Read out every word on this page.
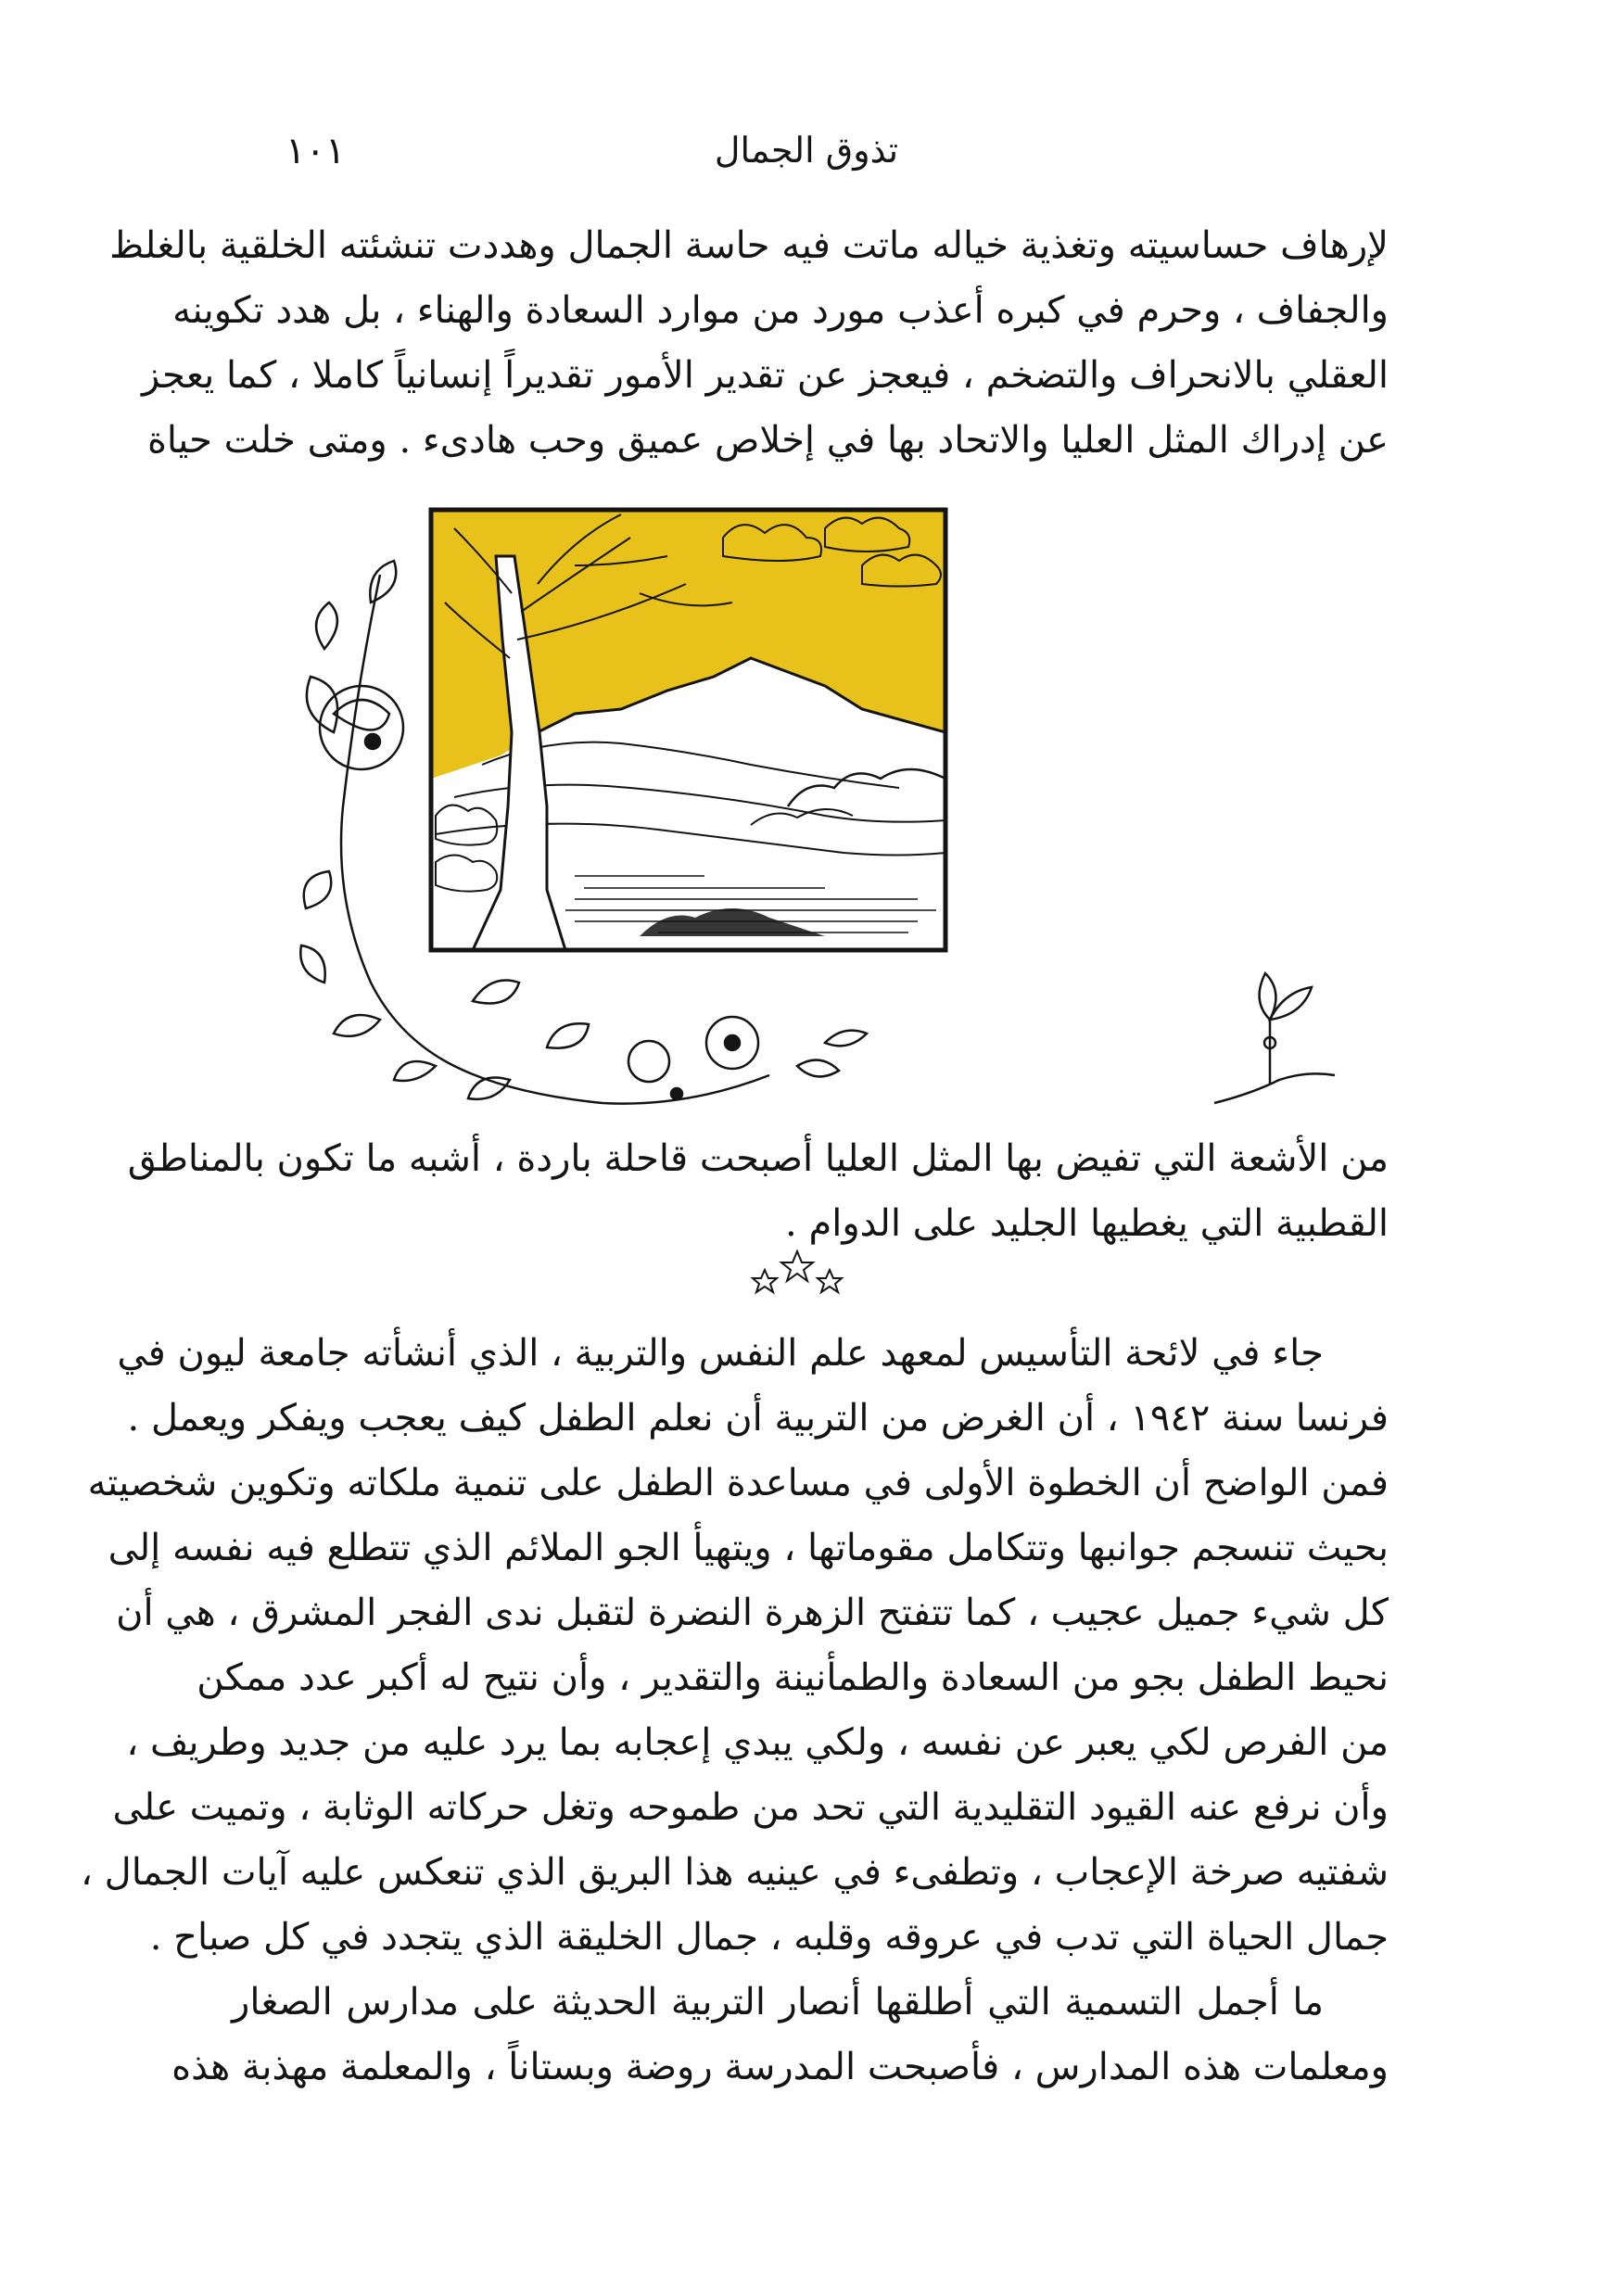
١٠١	تذوق الجمال
لإرهاف حساسيته وتغذية خياله ماتت فيه حاسة الجمال وهددت تنشئته الخلقية بالغلظ
والجفاف ، وحرم في كبره أعذب مورد من موارد السعادة والهناء ، بل هدد تكوينه
العقلي بالانحراف والتضخم ، فيعجز عن تقدير الأمور تقديراً إنسانياً كاملا ، كما يعجز
عن إدراك المثل العليا والاتحاد بها في إخلاص عميق وحب هادىء . ومتى خلت حياة
من الأشعة التي تفيض بها المثل العليا أصبحت قاحلة باردة ، أشبه ما تكون بالمناطق
القطبية التي يغطيها الجليد على الدوام .
جاء في لائحة التأسيس لمعهد علم النفس والتربية ، الذي أنشأته جامعة ليون في
فرنسا سنة ١٩٤٢ ، أن الغرض من التربية أن نعلم الطفل كيف يعجب ويفكر ويعمل .
فمن الواضح أن الخطوة الأولى في مساعدة الطفل على تنمية ملكاته وتكوين شخصيته
بحيث تنسجم جوانبها وتتكامل مقوماتها ، ويتهيأ الجو الملائم الذي تتطلع فيه نفسه إلى
كل شيء جميل عجيب ، كما تتفتح الزهرة النضرة لتقبل ندى الفجر المشرق ، هي أن
نحيط الطفل بجو من السعادة والطمأنينة والتقدير ، وأن نتيح له أكبر عدد ممكن
من الفرص لكي يعبر عن نفسه ، ولكي يبدي إعجابه بما يرد عليه من جديد وطريف ،
وأن نرفع عنه القيود التقليدية التي تحد من طموحه وتغل حركاته الوثابة ، وتميت على
شفتيه صرخة الإعجاب ، وتطفىء في عينيه هذا البريق الذي تنعكس عليه آيات الجمال ،
جمال الحياة التي تدب في عروقه وقلبه ، جمال الخليقة الذي يتجدد في كل صباح .
ما أجمل التسمية التي أطلقها أنصار التربية الحديثة على مدارس الصغار
ومعلمات هذه المدارس ، فأصبحت المدرسة روضة وبستاناً ، والمعلمة مهذبة هذه
